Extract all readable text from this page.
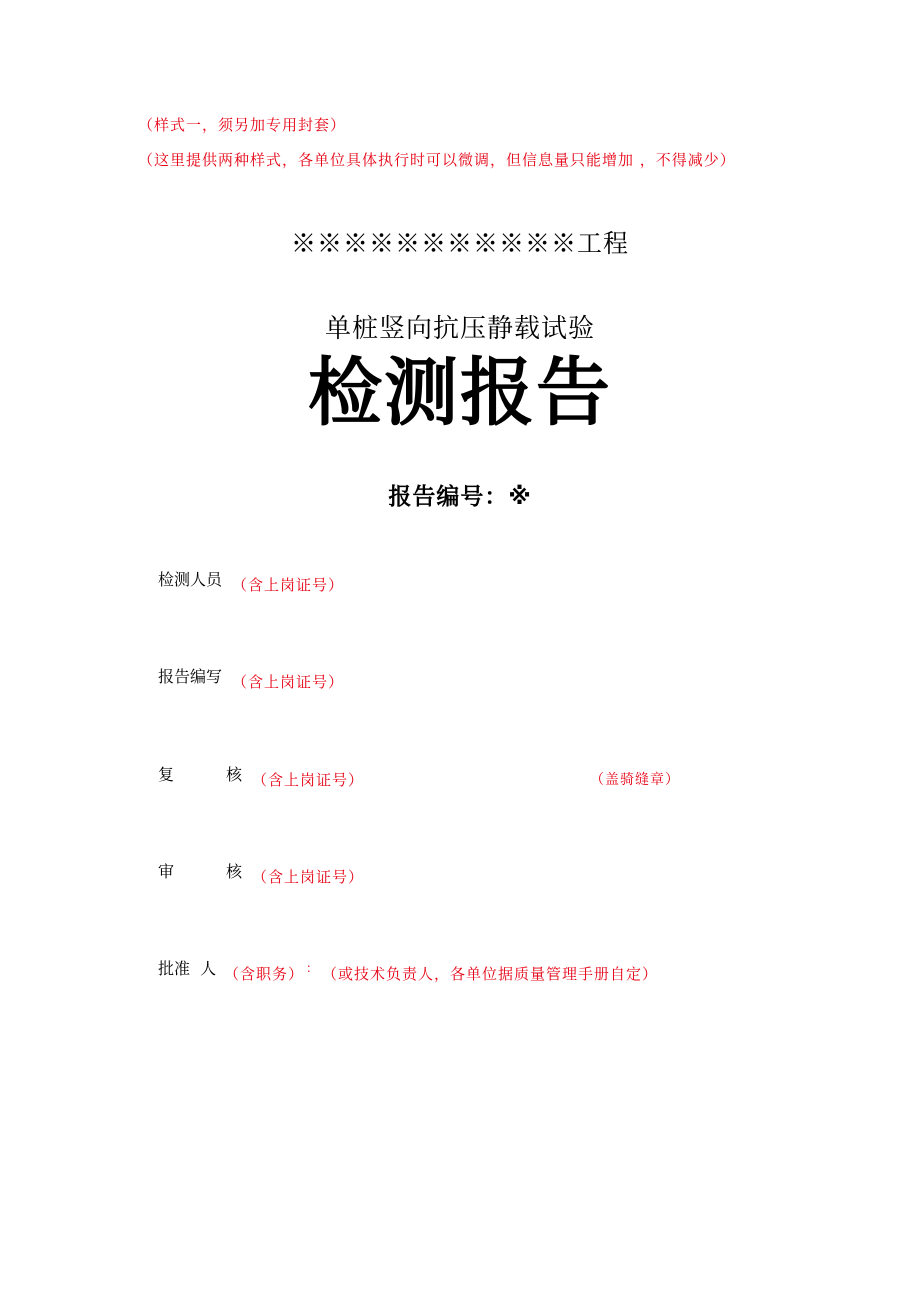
（样式一，须另加专用封套）
（这里提供两种样式，各单位具体执行时可以微调，但信息量只能增加 ，不得减少）
※※※※※※※※※※※工程
单桩竖向抗压静载试验
检测报告
报告编号：※
检测人员 （含上岗证号）
报告编写 （含上岗证号）
复	核 （含上岗证号）	（盖骑缝章）
审	核 （含上岗证号）
批准  人 （含职务） ： （或技术负责人，各单位据质量管理手册自定）
